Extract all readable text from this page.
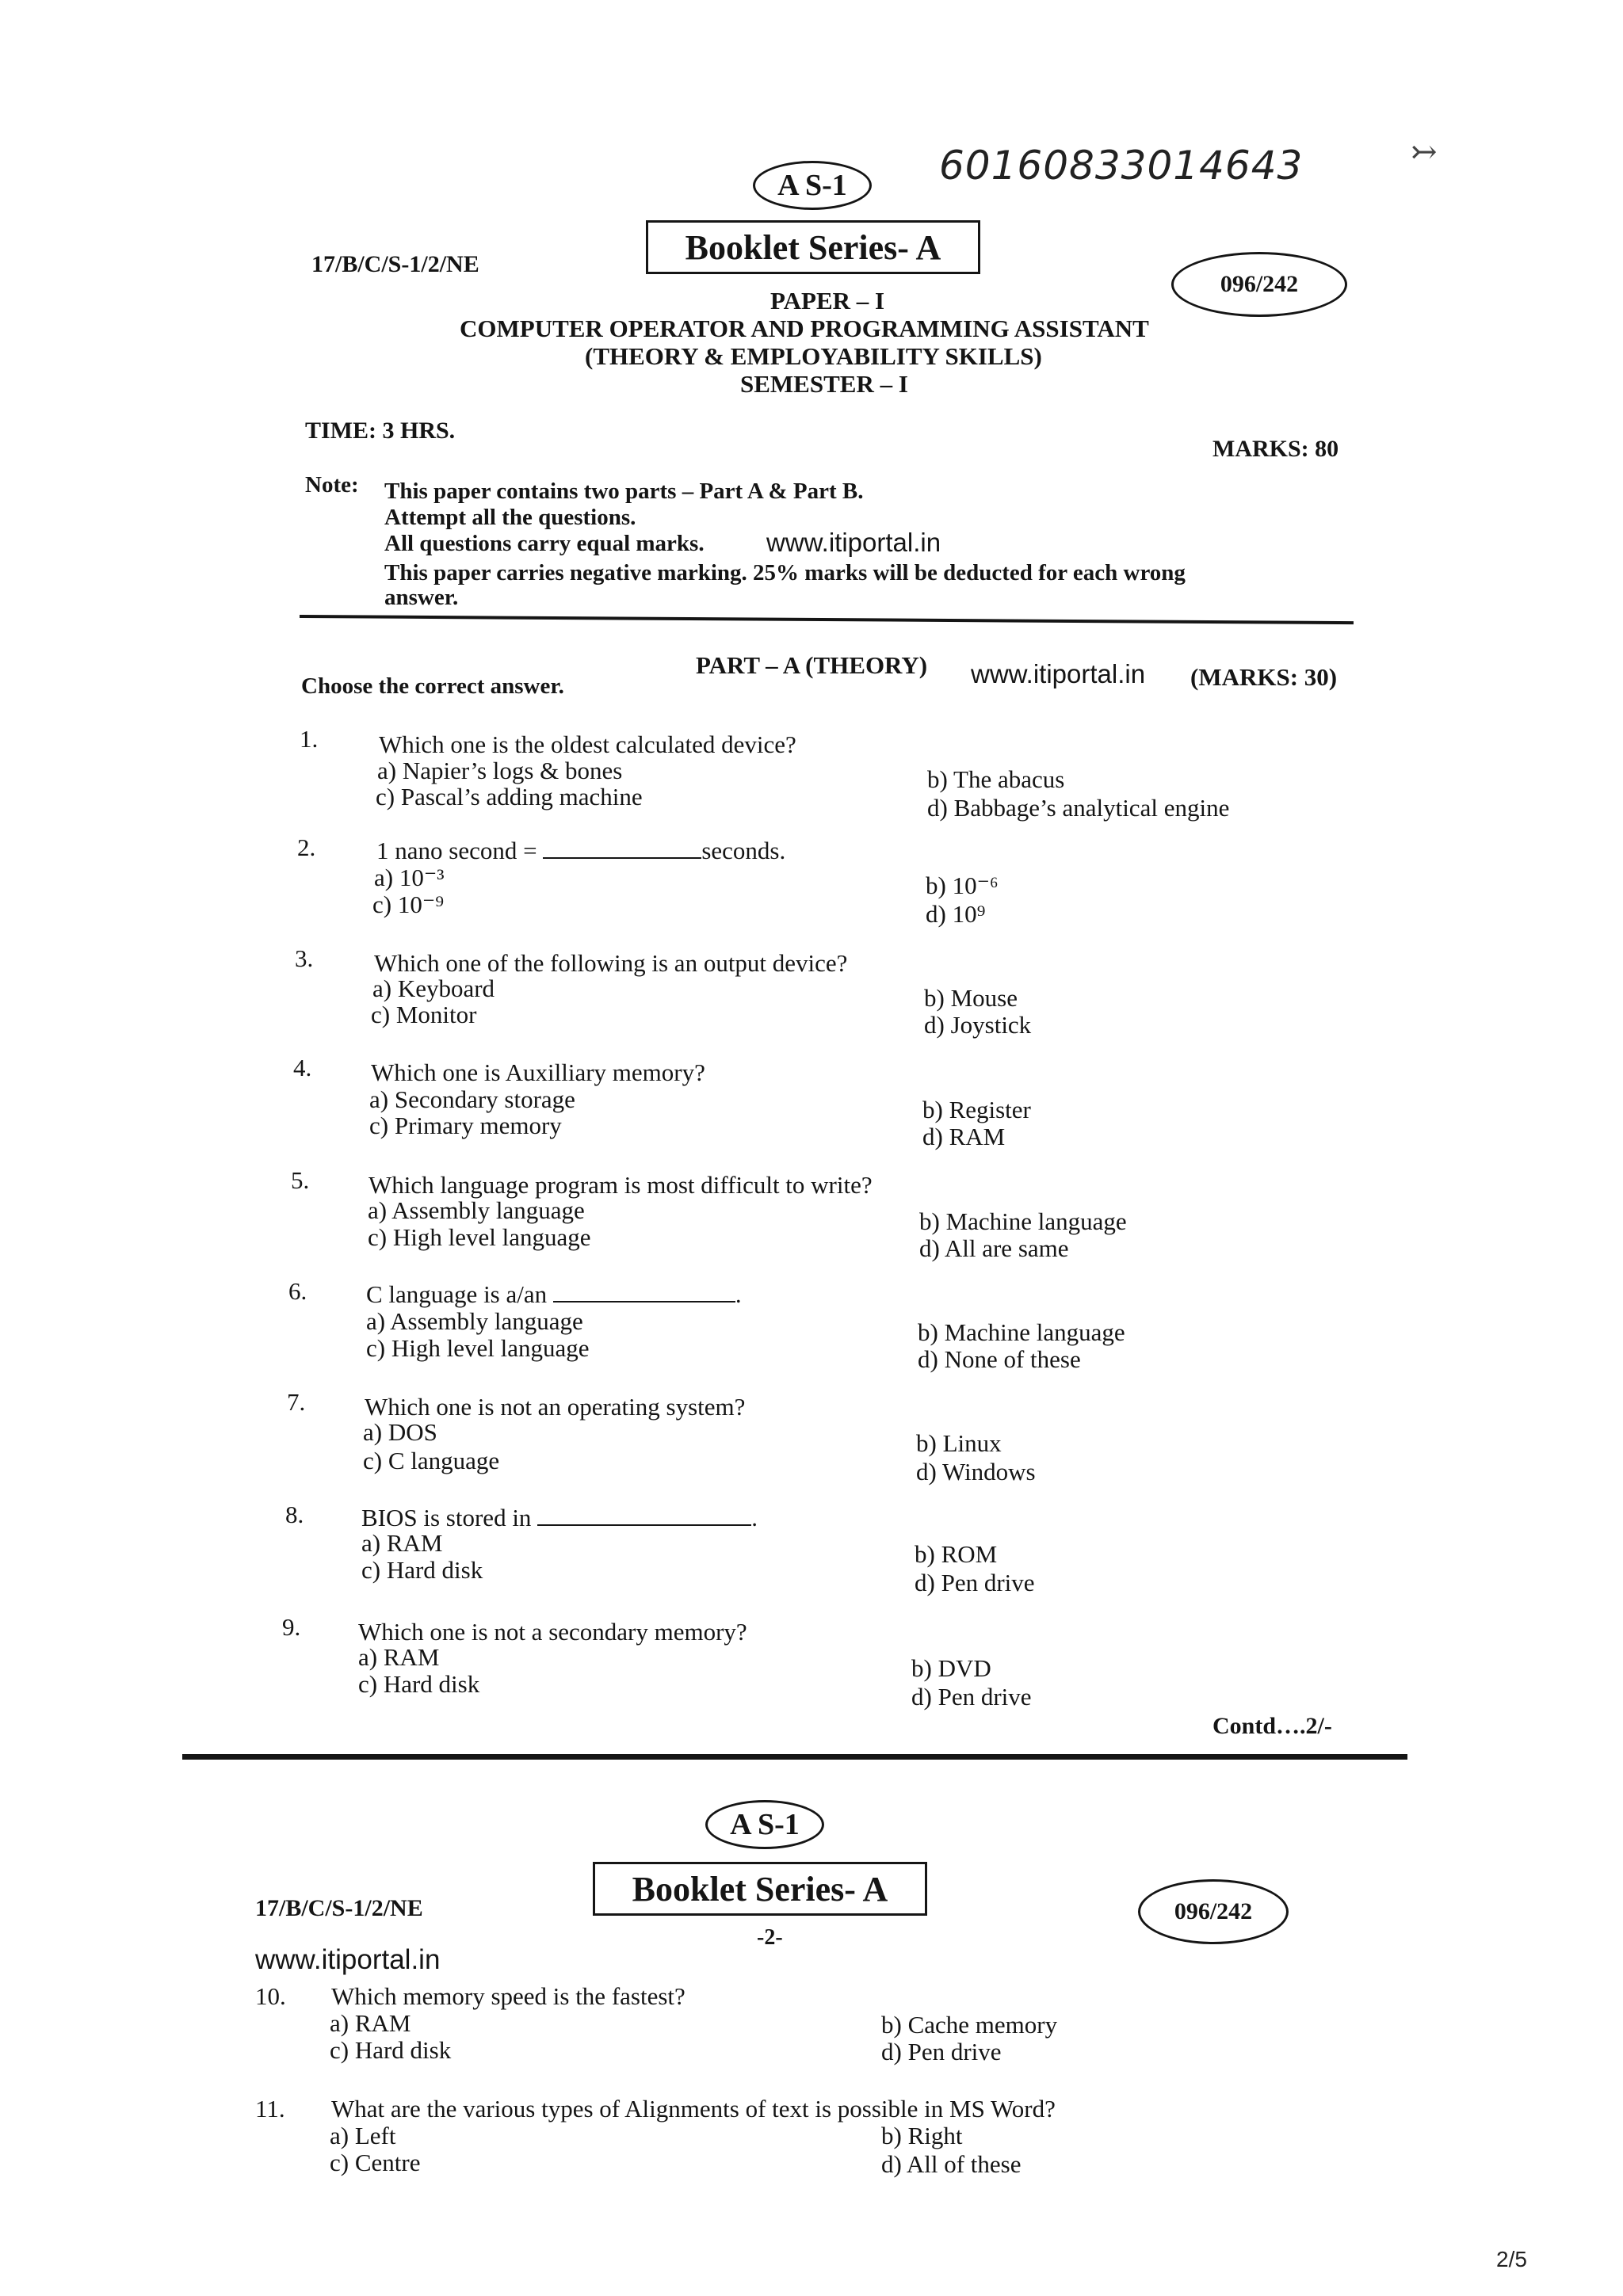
A S-1 60160833014643	↣
Booklet Series- A
17/B/C/S-1/2/NE
096/242
PAPER – I
COMPUTER OPERATOR AND PROGRAMMING ASSISTANT
(THEORY & EMPLOYABILITY SKILLS)
SEMESTER – I
TIME: 3 HRS.
MARKS: 80
Note: This paper contains two parts – Part A & Part B.
Attempt all the questions.
All questions carry equal marks. www.itiportal.in
This paper carries negative marking. 25% marks will be deducted for each wrong
answer.
PART – A (THEORY) www.itiportal.in (MARKS: 30)
Choose the correct answer.
1. Which one is the oldest calculated device?
a) Napier’s logs & bones
c) Pascal’s adding machine
b) The abacus
d) Babbage’s analytical engine
2. 1 nano second =	seconds.
a) 10⁻³
c) 10⁻⁹
b) 10⁻⁶
d) 10⁹
3. Which one of the following is an output device?
a) Keyboard
c) Monitor
b) Mouse
d) Joystick
4. Which one is Auxilliary memory?
a) Secondary storage
c) Primary memory
b) Register
d) RAM
5. Which language program is most difficult to write?
a) Assembly language
c) High level language
b) Machine language
d) All are same
6. C language is a/an	.
a) Assembly language
c) High level language
b) Machine language
d) None of these
7. Which one is not an operating system?
a) DOS
c) C language
b) Linux
d) Windows
8. BIOS is stored in	.
a) RAM
c) Hard disk
b) ROM
d) Pen drive
9. Which one is not a secondary memory?
a) RAM
c) Hard disk
b) DVD
d) Pen drive
Contd….2/-
A S-1
Booklet Series- A
17/B/C/S-1/2/NE	096/242
-2-
www.itiportal.in
10. Which memory speed is the fastest?
a) RAM
c) Hard disk
b) Cache memory
d) Pen drive
11. What are the various types of Alignments of text is possible in MS Word?
a) Left
c) Centre
b) Right
d) All of these
2/5
